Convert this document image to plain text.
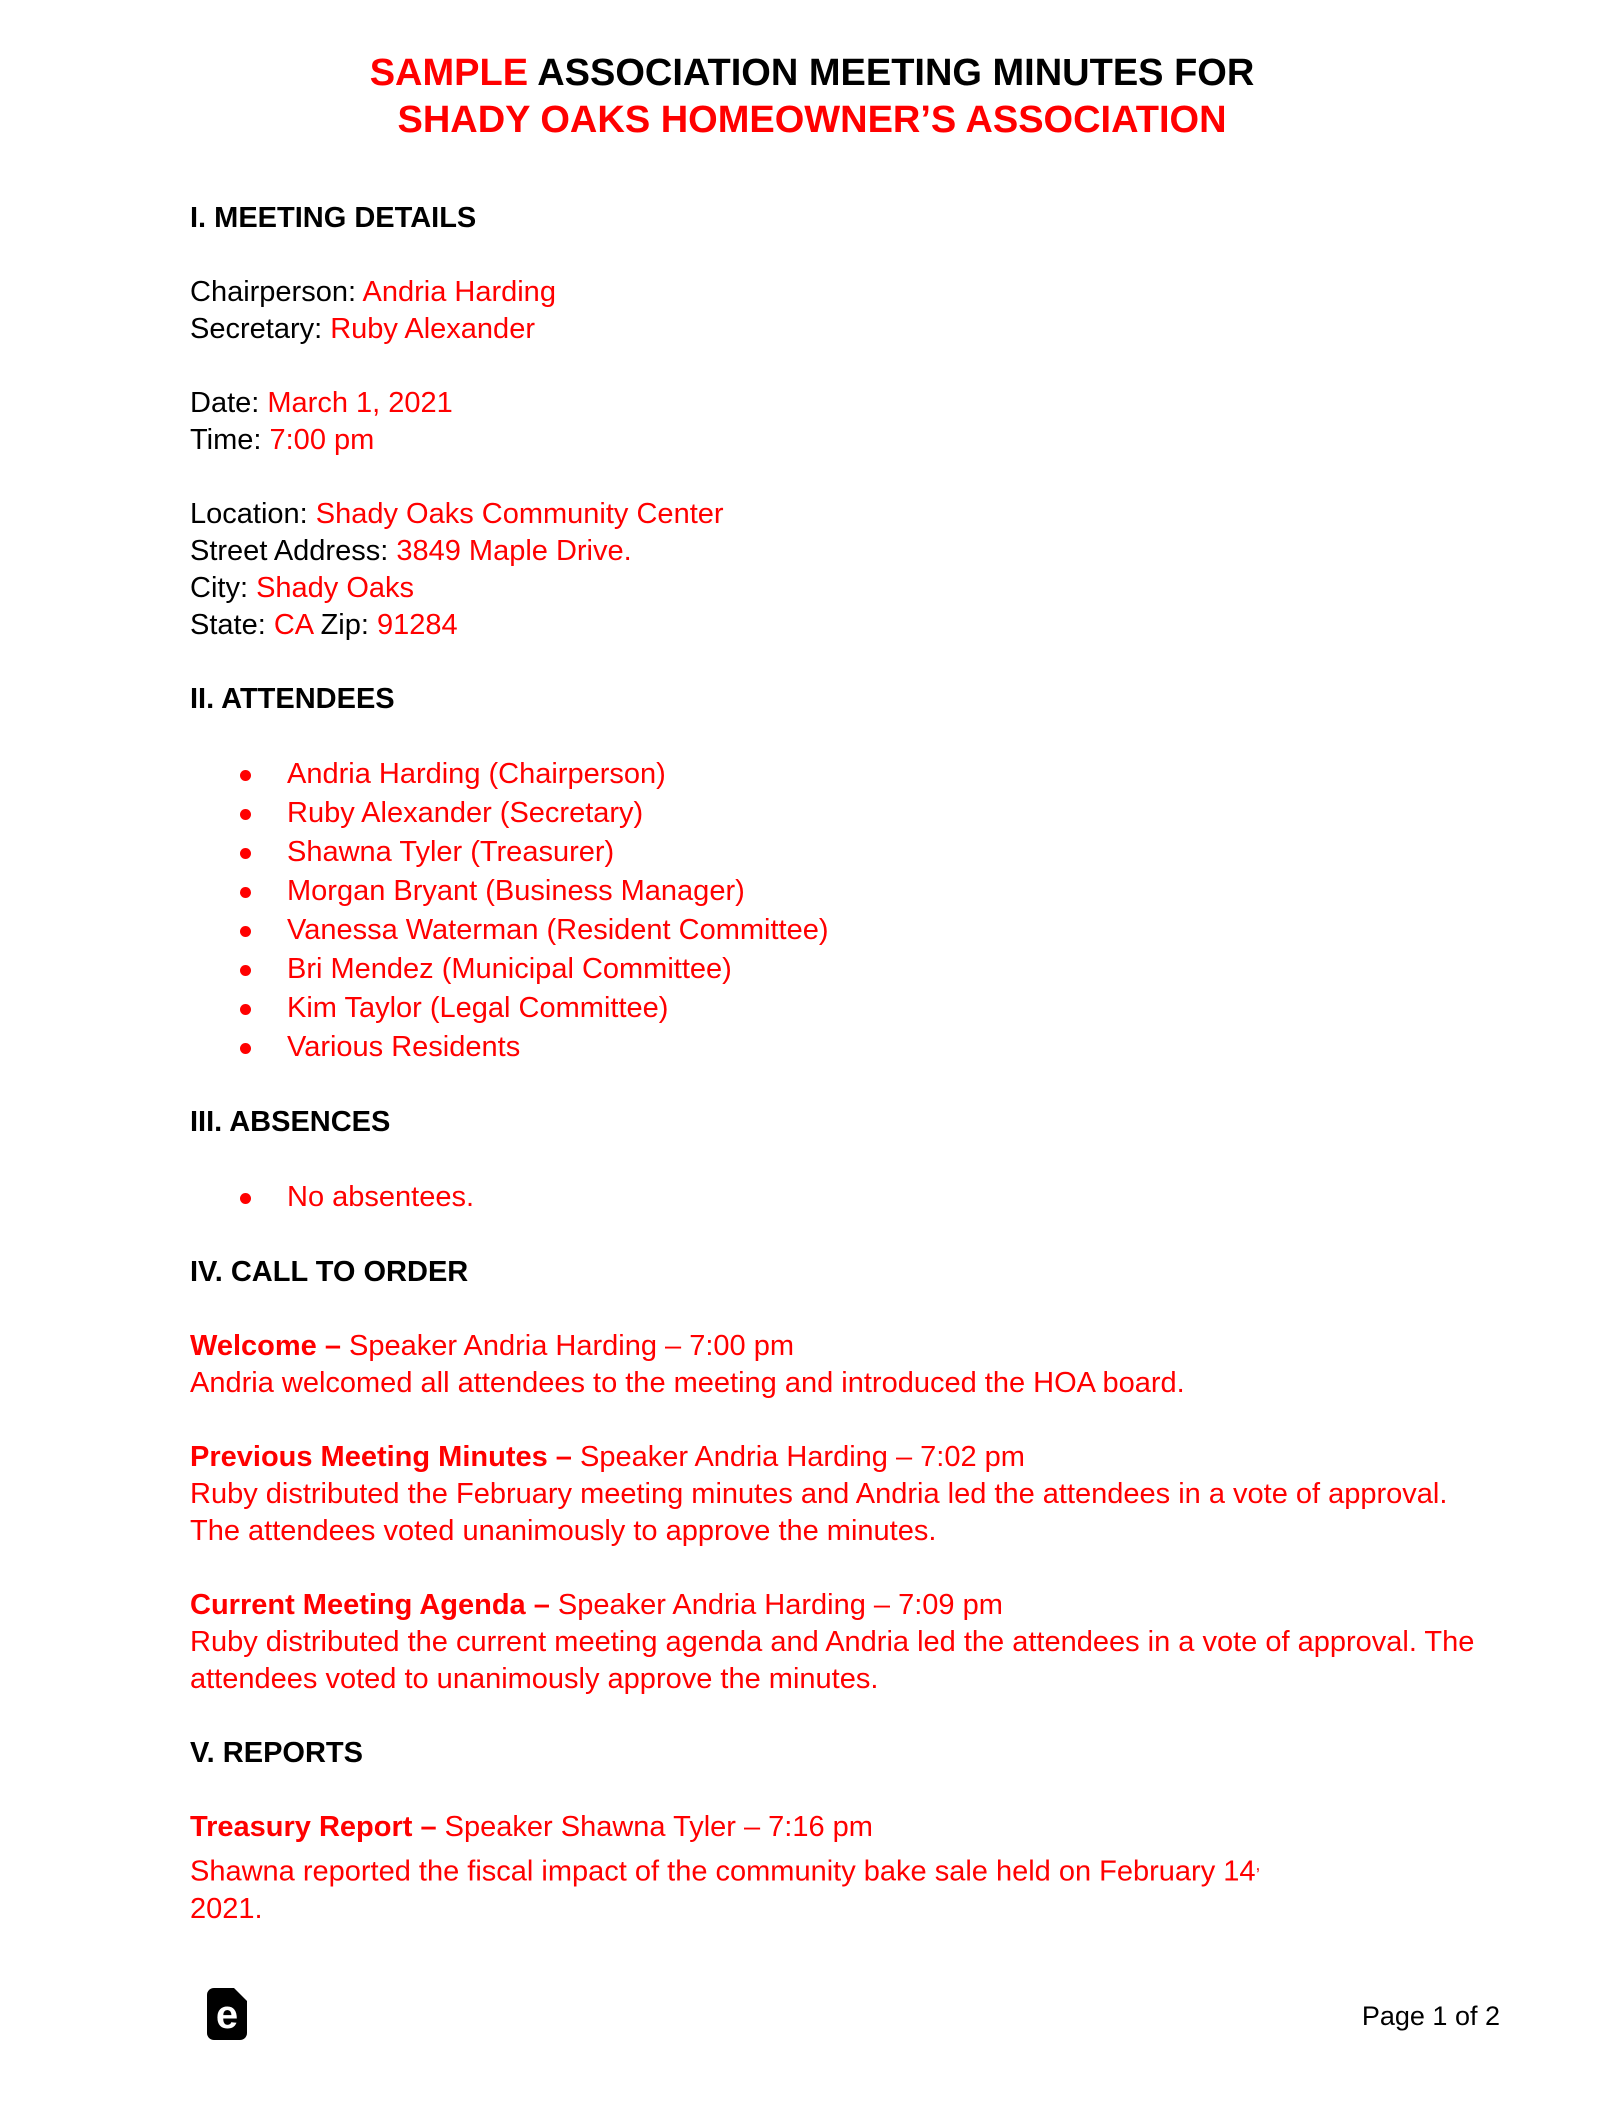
SAMPLE ASSOCIATION MEETING MINUTES FOR
SHADY OAKS HOMEOWNER’S ASSOCIATION
I. MEETING DETAILS
Chairperson: Andria Harding
Secretary: Ruby Alexander
Date: March 1, 2021
Time: 7:00 pm
Location: Shady Oaks Community Center
Street Address: 3849 Maple Drive.
City: Shady Oaks
State: CA Zip: 91284
II. ATTENDEES
Andria Harding (Chairperson)
Ruby Alexander (Secretary)
Shawna Tyler (Treasurer)
Morgan Bryant (Business Manager)
Vanessa Waterman (Resident Committee)
Bri Mendez (Municipal Committee)
Kim Taylor (Legal Committee)
Various Residents
III. ABSENCES
No absentees.
IV. CALL TO ORDER
Welcome – Speaker Andria Harding – 7:00 pm
Andria welcomed all attendees to the meeting and introduced the HOA board.
Previous Meeting Minutes – Speaker Andria Harding – 7:02 pm
Ruby distributed the February meeting minutes and Andria led the attendees in a vote of approval. The attendees voted unanimously to approve the minutes.
Current Meeting Agenda – Speaker Andria Harding – 7:09 pm
Ruby distributed the current meeting agenda and Andria led the attendees in a vote of approval. The attendees voted to unanimously approve the minutes.
V. REPORTS
Treasury Report – Speaker Shawna Tyler – 7:16 pm
Shawna reported the fiscal impact of the community bake sale held on February 14,
2021.
e	Page 1 of 2
